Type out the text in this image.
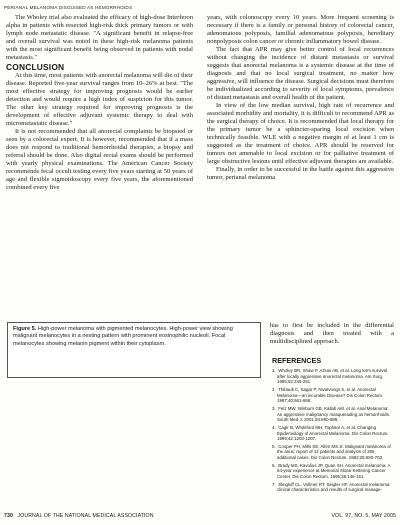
PERIANAL MELANOMA DISGUISED AS HEMORRHOIDS

The Wholey trial also evaluated the efficacy of high-dose Interferon alpha in patients with resected high-risk thick primary tumors or with lymph node metastatic disease. "A significant benefit in relapse-free and overall survival was noted in these high-risk melanoma patients with the most significant benefit being observed in patients with nodal metastasis."

CONCLUSION

At this time, most patients with anorectal melanoma will die of their disease. Reported five-year survival ranges from 10–26% at best. "The most effective strategy for improving prognosis would be earlier detection and would require a high index of suspicion for this tumor. The other key strategy required for improving prognosis is the development of effective adjuvant systemic therapy to deal with micrometastatic disease."

It is not recommended that all anorectal complaints be biopsied or seen by a colorectal expert. It is however, recommended that if a mass does not respond to traditional hemorrhoidal therapies, a biopsy and referral should be done. Also digital rectal exams should be performed with yearly physical examinations. The American Cancer Society recommends fecal occult testing every five years starting at 50 years of age and flexible sigmoidoscopy every five years, the aforementioned combined every five

years, with colonoscopy every 10 years. More frequent screening is necessary if there is a family or personal history of colorectal cancer, adenomatous polyposis, familial adenomatous polyposis, hereditary nonpolyposis colon cancer or chronic inflammatory bowel disease.

The fact that APR may give better control of local recurrences without changing the incidence of distant metastasis or survival suggests that anorectal melanoma is a systemic disease at the time of diagnosis and that no local surgical treatment, no matter how aggressive, will influence the disease. Surgical decisions must therefore be individualized according to severity of local symptoms, prevalence of distant metastasis and overall health of the patient.

In view of the low median survival, high rate of recurrence and associated morbidity and mortality, it is difficult to recommend APR as the surgical therapy of choice. It is recommended that local therapy for the primary tumor be a sphincter-sparing local excision when technically feasible. WLE with a negative margin of at least 1 cm is suggested as the treatment of choice. APR should be reserved for tumors not amenable to local excision or for palliative treatment of large obstructive lesions until effective adjuvant therapies are available.

Finally, in order to be successful in the battle against this aggressive tumor, perianal melanoma

has to first be included in the differential diagnosis and then treated with a multidisciplined approach.

Figure 5. High-power melanoma with pigmented melanocytes. High-power view showing malignant melanocytes in a nesting pattern with prominent eosinophilic nucleoli. Focal melanocytes showing melanin pigment within their cytoplasm.
REFERENCES
1. Wholey BR, Shaw P, Azlow AB, et al. Long term survival after locally aggressive anorectal melanoma. Am Surg. 1995;62:245-251.
2. Thibault C, Sagar P, Nivatvongs S, et al. Anorectal Melanoma—an incurable Disease? Dis Colon Rectum. 1997;40:661-668.
3. Felz MW, Winburn GB, Kallab AM, et al. Anal Melanoma: An aggressive malignancy masquerading as hemorrhoids. South Med J. 2001;94:880-885.
4. Cagir B, Whiteford MH, Topham A, et al. Changing Epidemiology of Anorectal Melanoma. Dis Colon Rectum. 1999;42:1203-1207.
5. Cooper PH, Mills SE, Allen MS Jr. Malignant melanoma of the anus: report of 12 patients and analysis of 255 additional cases. Dis Colon Rectum. 1982;25:693-703.
6. Brady MS, Kavolius JP, Quan SH. Anorectal melanoma. A 64-year experience at Memorial Sloan-Kettering Cancer Center. Dis Colon Rectum. 1995;38:146-151.
7. Slingluff CL, Vollmer RT, Seigler HF. Anorectal melanoma: clinical characteristics and results of surgical manage-
730 JOURNAL OF THE NATIONAL MEDICAL ASSOCIATION	VOL. 97, NO. 5, MAY 2005
